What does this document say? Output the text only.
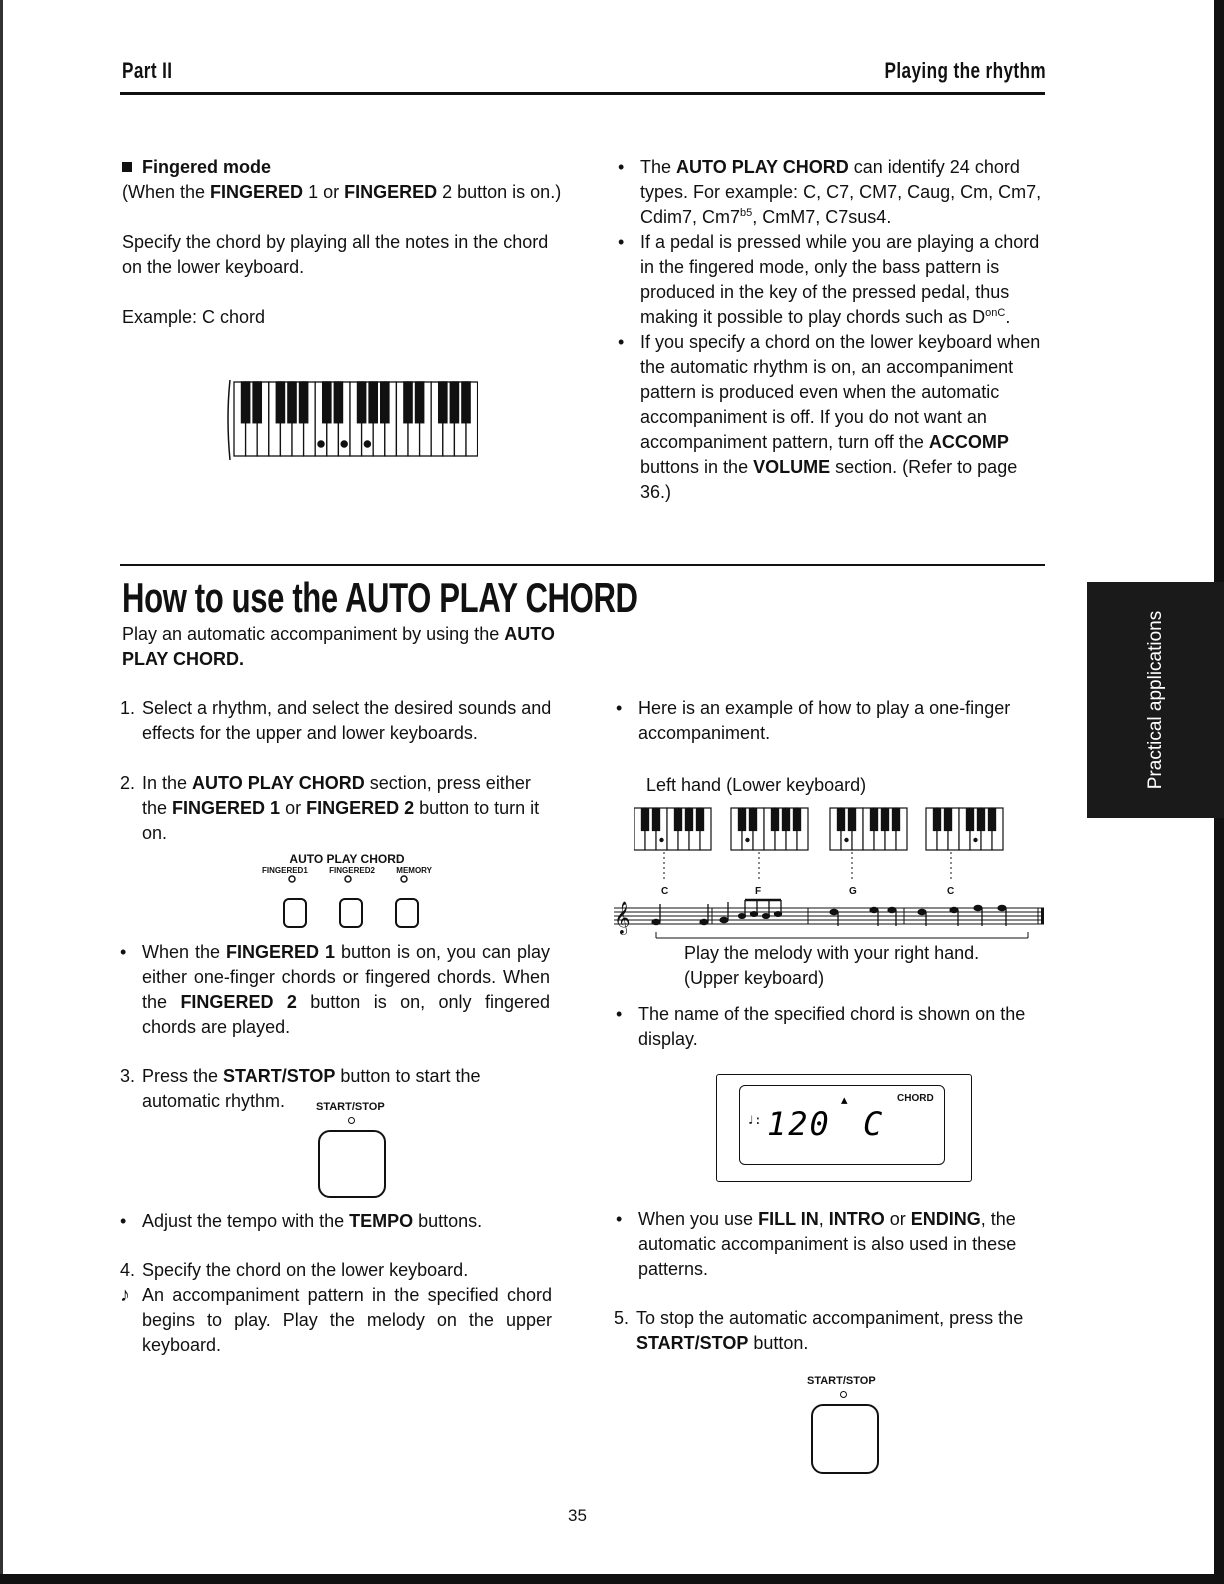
Part II	Playing the rhythm

Fingered mode

(When the FINGERED 1 or FINGERED 2 button is on.)

Specify the chord by playing all the notes in the chord on the lower keyboard.

Example: C chord

• The AUTO PLAY CHORD can identify 24 chord types. For example: C, C7, CM7, Caug, Cm, Cm7, Cdim7, $Cm7^{b5}$, CmM7, C7sus4.

• If a pedal is pressed while you are playing a chord in the fingered mode, only the bass pattern is produced in the key of the pressed pedal, thus making it possible to play chords such as $D^{onC}$.

• If you specify a chord on the lower keyboard when the automatic rhythm is on, an accompaniment pattern is produced even when the automatic accompaniment is off. If you do not want an accompaniment pattern, turn off the ACCOMP buttons in the VOLUME section. (Refer to page 36.)

How to use the AUTO PLAY CHORD

Play an automatic accompaniment by using the AUTO PLAY CHORD.	Practical applications

1. Select a rhythm, and select the desired sounds and effects for the upper and lower keyboards.

2. In the AUTO PLAY CHORD section, press either the FINGERED 1 or FINGERED 2 button to turn it on.

AUTO PLAY CHORD
FINGERED1	FINGERED2	MEMORY

• When the FINGERED 1 button is on, you can play either one-finger chords or fingered chords. When the FINGERED 2 button is on, only fingered chords are played.

3. Press the START/STOP button to start the automatic rhythm.	START/STOP

• Adjust the tempo with the TEMPO buttons.

4. Specify the chord on the lower keyboard.

♪ An accompaniment pattern in the specified chord begins to play. Play the melody on the upper keyboard.

• Here is an example of how to play a one-finger accompaniment.

Left hand (Lower keyboard)
C	F	G	C
𝄞
Play the melody with your right hand.
(Upper keyboard)

• The name of the specified chord is shown on the display.

CHORD
▴
♩: 120 C

• When you use FILL IN, INTRO or ENDING, the automatic accompaniment is also used in these patterns.

5. To stop the automatic accompaniment, press the START/STOP button.

START/STOP
35
